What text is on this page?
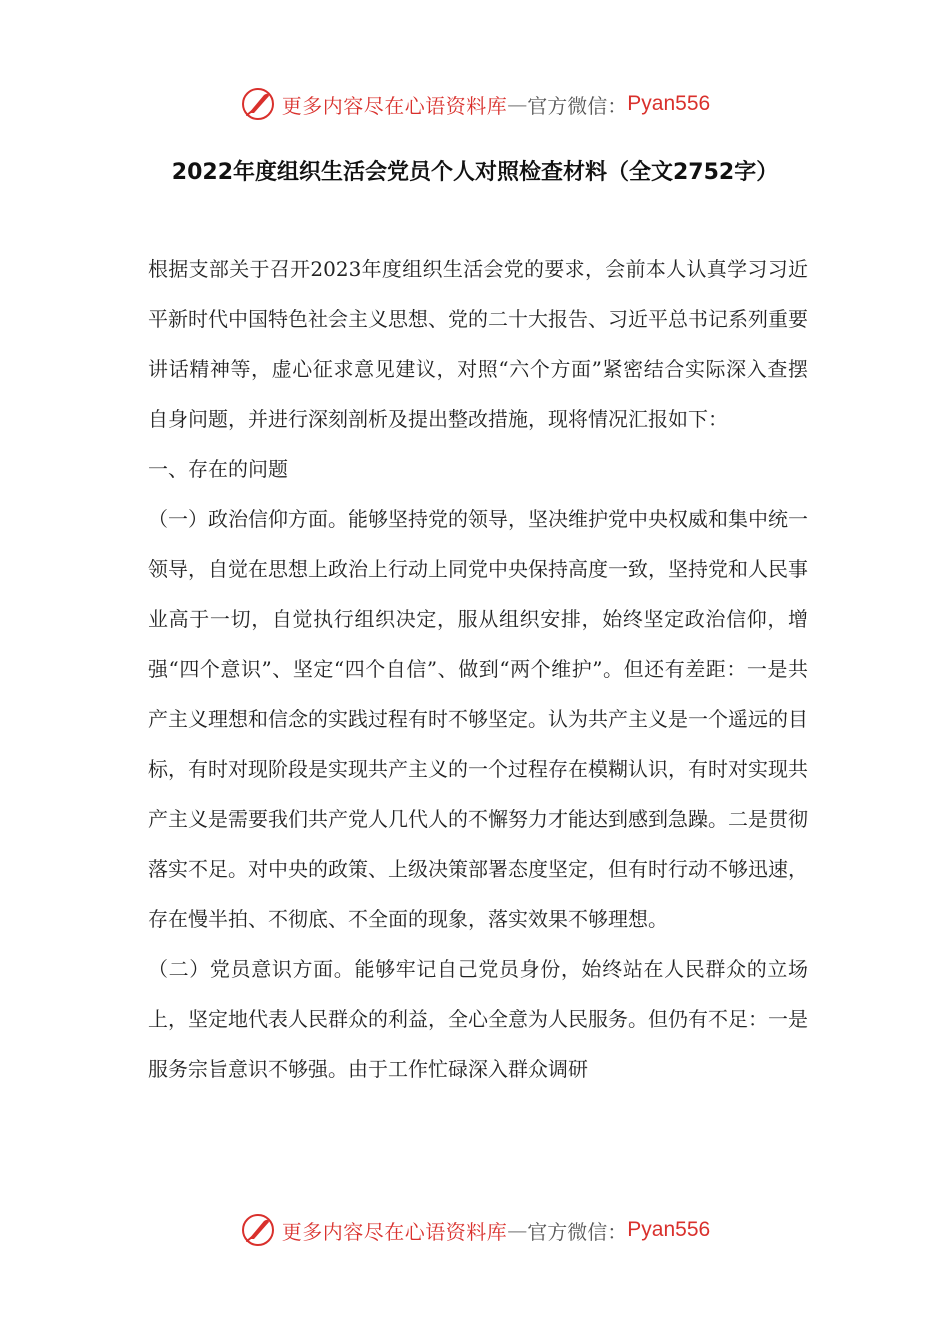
更多内容尽在心语资料库 — 官方微信： Pyan556
2022年度组织生活会党员个人对照检查材料（全文2752字）

根据支部关于召开2023年度组织生活会党的要求，会前本人认真学习习近平新时代中国特色社会主义思想、党的二十大报告、习近平总书记系列重要讲话精神等，虚心征求意见建议，对照“六个方面”紧密结合实际深入查摆自身问题，并进行深刻剖析及提出整改措施，现将情况汇报如下：

一、存在的问题

（一）政治信仰方面。能够坚持党的领导，坚决维护党中央权威和集中统一领导，自觉在思想上政治上行动上同党中央保持高度一致，坚持党和人民事业高于一切，自觉执行组织决定，服从组织安排，始终坚定政治信仰，增强“四个意识”、坚定“四个自信”、做到“两个维护”。但还有差距：一是共产主义理想和信念的实践过程有时不够坚定。认为共产主义是一个遥远的目标，有时对现阶段是实现共产主义的一个过程存在模糊认识，有时对实现共产主义是需要我们共产党人几代人的不懈努力才能达到感到急躁。二是贯彻落实不足。对中央的政策、上级决策部署态度坚定，但有时行动不够迅速，存在慢半拍、不彻底、不全面的现象，落实效果不够理想。

（二）党员意识方面。能够牢记自己党员身份，始终站在人民群众的立场上，坚定地代表人民群众的利益，全心全意为人民服务。但仍有不足：一是服务宗旨意识不够强。由于工作忙碌深入群众调研

更多内容尽在心语资料库 — 官方微信： Pyan556
